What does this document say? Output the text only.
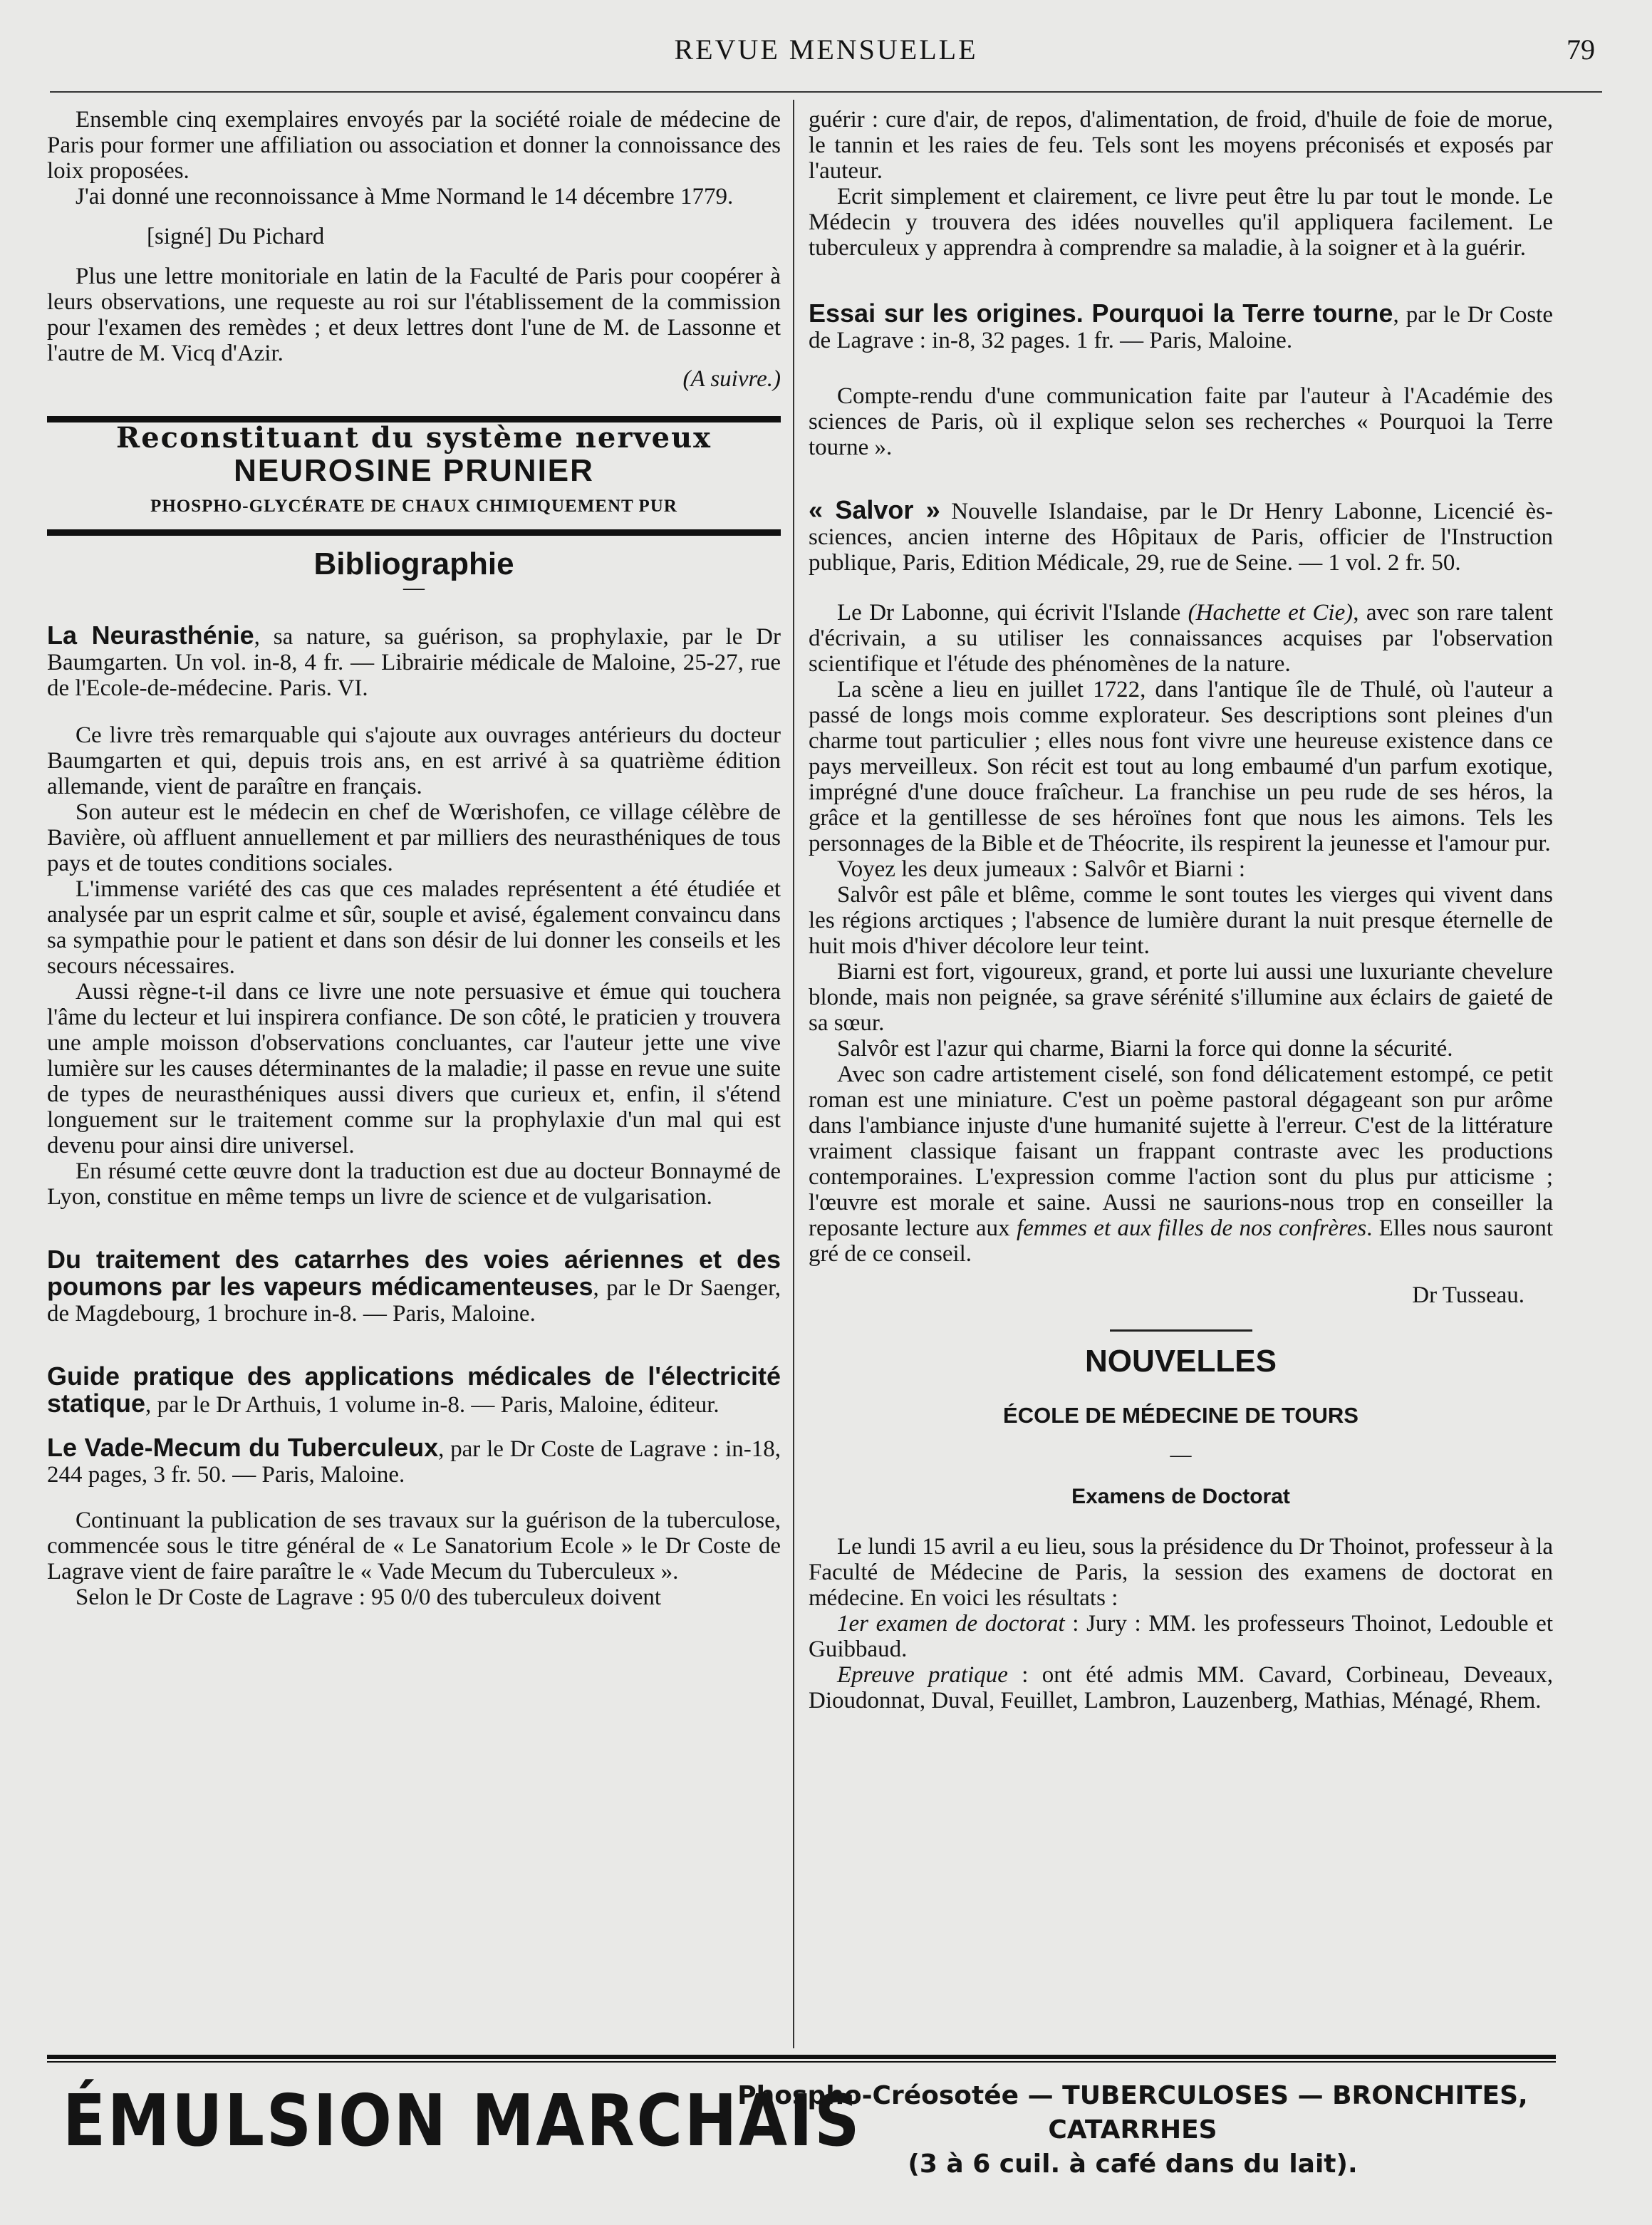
REVUE MENSUELLE	79

Ensemble cinq exemplaires envoyés par la société roiale de médecine de Paris pour former une affiliation ou association et donner la connoissance des loix proposées.

J'ai donné une reconnoissance à Mme Normand le 14 décembre 1779.

[signé] Du Pichard

Plus une lettre monitoriale en latin de la Faculté de Paris pour coopérer à leurs observations, une requeste au roi sur l'établissement de la commission pour l'examen des remèdes ; et deux lettres dont l'une de M. de Lassonne et l'autre de M. Vicq d'Azir.

(A suivre.)

Reconstituant du système nerveux
NEUROSINE PRUNIER
PHOSPHO-GLYCÉRATE DE CHAUX CHIMIQUEMENT PUR
Bibliographie
—

La Neurasthénie, sa nature, sa guérison, sa prophylaxie, par le Dr Baumgarten. Un vol. in-8, 4 fr. — Librairie médicale de Maloine, 25-27, rue de l'Ecole-de-médecine. Paris. VI.

Ce livre très remarquable qui s'ajoute aux ouvrages antérieurs du docteur Baumgarten et qui, depuis trois ans, en est arrivé à sa quatrième édition allemande, vient de paraître en français.

Son auteur est le médecin en chef de Wœrishofen, ce village célèbre de Bavière, où affluent annuellement et par milliers des neurasthéniques de tous pays et de toutes conditions sociales.

L'immense variété des cas que ces malades représentent a été étudiée et analysée par un esprit calme et sûr, souple et avisé, également convaincu dans sa sympathie pour le patient et dans son désir de lui donner les conseils et les secours nécessaires.

Aussi règne-t-il dans ce livre une note persuasive et émue qui touchera l'âme du lecteur et lui inspirera confiance. De son côté, le praticien y trouvera une ample moisson d'observations concluantes, car l'auteur jette une vive lumière sur les causes déterminantes de la maladie; il passe en revue une suite de types de neurasthéniques aussi divers que curieux et, enfin, il s'étend longuement sur le traitement comme sur la prophylaxie d'un mal qui est devenu pour ainsi dire universel.

En résumé cette œuvre dont la traduction est due au docteur Bonnaymé de Lyon, constitue en même temps un livre de science et de vulgarisation.

Du traitement des catarrhes des voies aériennes et des poumons par les vapeurs médicamenteuses, par le Dr Saenger, de Magdebourg, 1 brochure in-8. — Paris, Maloine.

Guide pratique des applications médicales de l'électricité statique, par le Dr Arthuis, 1 volume in-8. — Paris, Maloine, éditeur.

Le Vade-Mecum du Tuberculeux, par le Dr Coste de Lagrave : in-18, 244 pages, 3 fr. 50. — Paris, Maloine.

Continuant la publication de ses travaux sur la guérison de la tuberculose, commencée sous le titre général de « Le Sanatorium Ecole » le Dr Coste de Lagrave vient de faire paraître le « Vade Mecum du Tuberculeux ».

Selon le Dr Coste de Lagrave : 95 0/0 des tuberculeux doivent

guérir : cure d'air, de repos, d'alimentation, de froid, d'huile de foie de morue, le tannin et les raies de feu. Tels sont les moyens préconisés et exposés par l'auteur.

Ecrit simplement et clairement, ce livre peut être lu par tout le monde. Le Médecin y trouvera des idées nouvelles qu'il appliquera facilement. Le tuberculeux y apprendra à comprendre sa maladie, à la soigner et à la guérir.

Essai sur les origines. Pourquoi la Terre tourne, par le Dr Coste de Lagrave : in-8, 32 pages. 1 fr. — Paris, Maloine.

Compte-rendu d'une communication faite par l'auteur à l'Académie des sciences de Paris, où il explique selon ses recherches « Pourquoi la Terre tourne ».

« Salvor » Nouvelle Islandaise, par le Dr Henry Labonne, Licencié ès-sciences, ancien interne des Hôpitaux de Paris, officier de l'Instruction publique, Paris, Edition Médicale, 29, rue de Seine. — 1 vol. 2 fr. 50.

Le Dr Labonne, qui écrivit l'Islande (Hachette et Cie), avec son rare talent d'écrivain, a su utiliser les connaissances acquises par l'observation scientifique et l'étude des phénomènes de la nature.

La scène a lieu en juillet 1722, dans l'antique île de Thulé, où l'auteur a passé de longs mois comme explorateur. Ses descriptions sont pleines d'un charme tout particulier ; elles nous font vivre une heureuse existence dans ce pays merveilleux. Son récit est tout au long embaumé d'un parfum exotique, imprégné d'une douce fraîcheur. La franchise un peu rude de ses héros, la grâce et la gentillesse de ses héroïnes font que nous les aimons. Tels les personnages de la Bible et de Théocrite, ils respirent la jeunesse et l'amour pur.

Voyez les deux jumeaux : Salvôr et Biarni :

Salvôr est pâle et blême, comme le sont toutes les vierges qui vivent dans les régions arctiques ; l'absence de lumière durant la nuit presque éternelle de huit mois d'hiver décolore leur teint.

Biarni est fort, vigoureux, grand, et porte lui aussi une luxuriante chevelure blonde, mais non peignée, sa grave sérénité s'illumine aux éclairs de gaieté de sa sœur.

Salvôr est l'azur qui charme, Biarni la force qui donne la sécurité.

Avec son cadre artistement ciselé, son fond délicatement estompé, ce petit roman est une miniature. C'est un poème pastoral dégageant son pur arôme dans l'ambiance injuste d'une humanité sujette à l'erreur. C'est de la littérature vraiment classique faisant un frappant contraste avec les productions contemporaines. L'expression comme l'action sont du plus pur atticisme ; l'œuvre est morale et saine. Aussi ne saurions-nous trop en conseiller la reposante lecture aux femmes et aux filles de nos confrères. Elles nous sauront gré de ce conseil.

Dr Tusseau.

NOUVELLES
ÉCOLE DE MÉDECINE DE TOURS
—
Examens de Doctorat

Le lundi 15 avril a eu lieu, sous la présidence du Dr Thoinot, professeur à la Faculté de Médecine de Paris, la session des examens de doctorat en médecine. En voici les résultats :

1er examen de doctorat : Jury : MM. les professeurs Thoinot, Ledouble et Guibbaud.

Epreuve pratique : ont été admis MM. Cavard, Corbineau, Deveaux, Dioudonnat, Duval, Feuillet, Lambron, Lauzenberg, Mathias, Ménagé, Rhem.

ÉMULSION MARCHAIS
Phospho-Créosotée — TUBERCULOSES — BRONCHITES, CATARRHES
(3 à 6 cuil. à café dans du lait).
